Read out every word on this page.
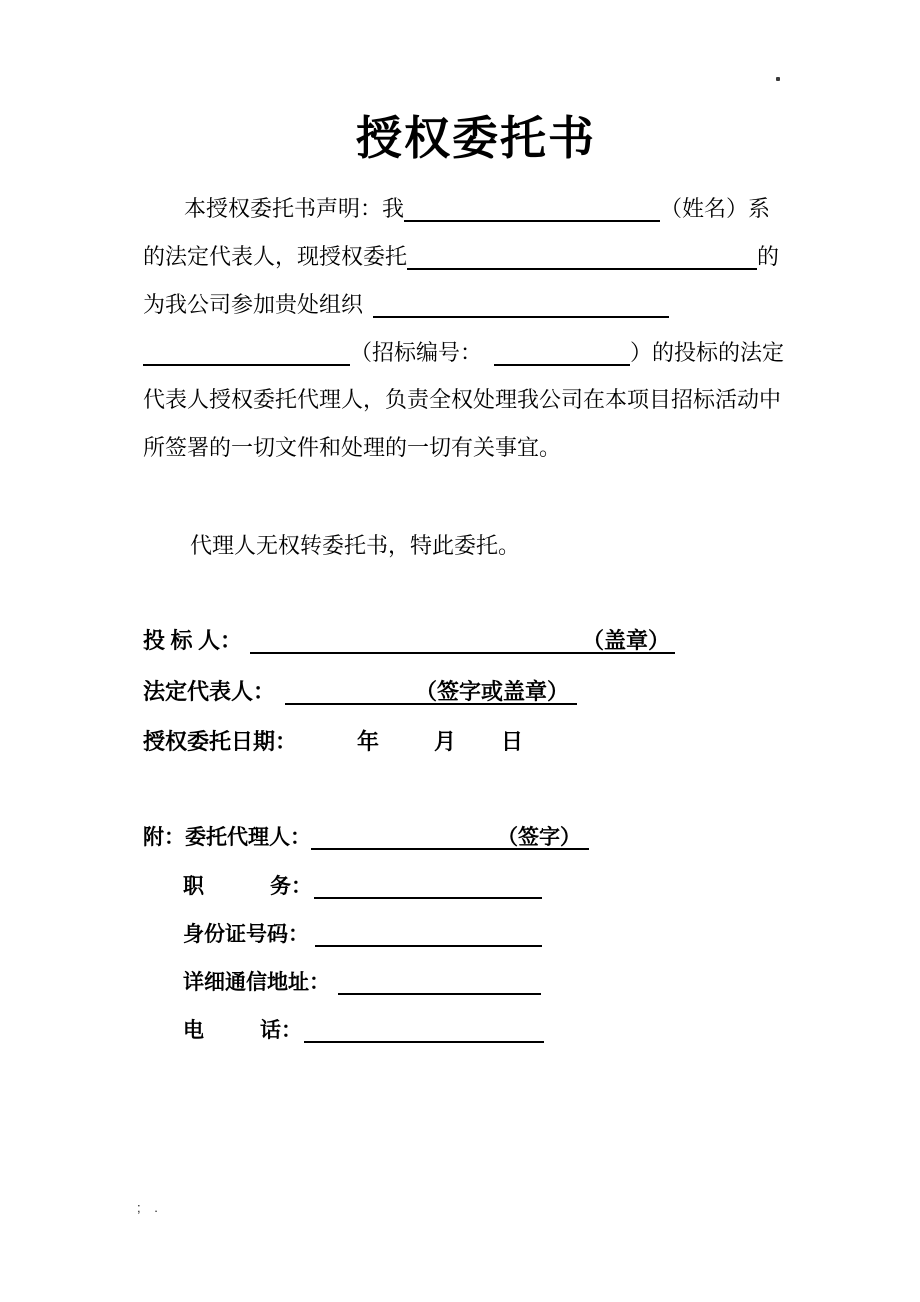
授权委托书
本授权委托书声明：我	（姓名）系
的法定代表人，现授权委托	的
为我公司参加贵处组织
（招标编号：	）的投标的法定
代表人授权委托代理人，负责全权处理我公司在本项目招标活动中
所签署的一切文件和处理的一切有关事宜。
代理人无权转委托书，特此委托。
投 标 人：	（盖章）
法定代表人：	（签字或盖章）
授权委托日期：	年	月 日
附：委托代理人：	（签字）
职	务：
身份证号码：
详细通信地址：
电	话：
; .
